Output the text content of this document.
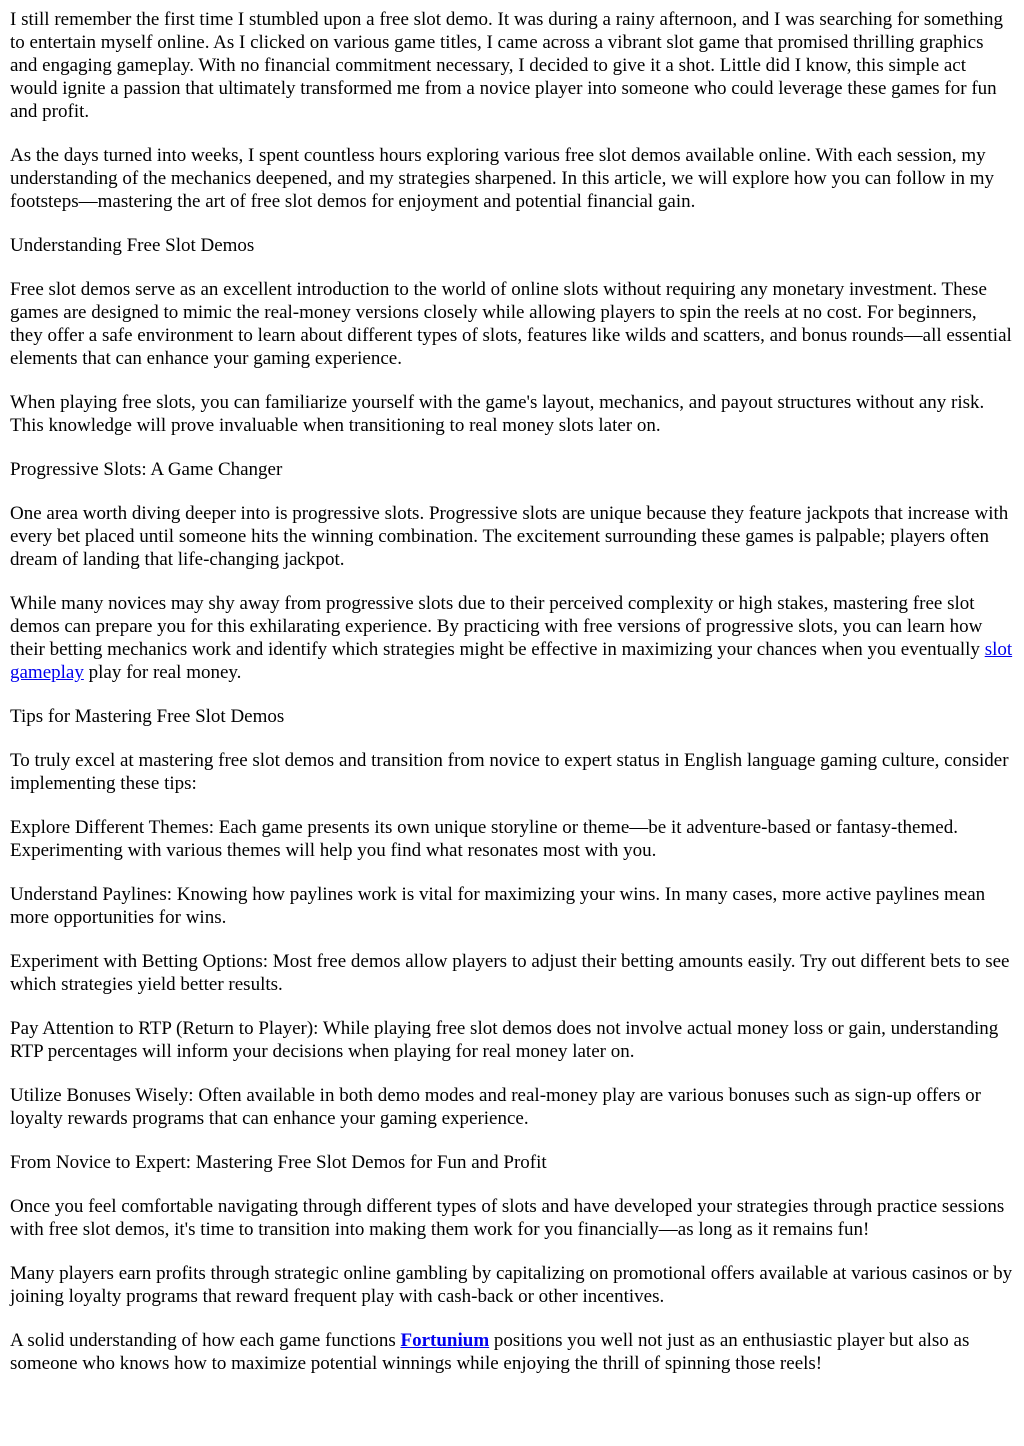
I still remember the first time I stumbled upon a free slot demo. It was during a rainy afternoon, and I was searching for something to entertain myself online. As I clicked on various game titles, I came across a vibrant slot game that promised thrilling graphics and engaging gameplay. With no financial commitment necessary, I decided to give it a shot. Little did I know, this simple act would ignite a passion that ultimately transformed me from a novice player into someone who could leverage these games for fun and profit.

As the days turned into weeks, I spent countless hours exploring various free slot demos available online. With each session, my understanding of the mechanics deepened, and my strategies sharpened. In this article, we will explore how you can follow in my footsteps—mastering the art of free slot demos for enjoyment and potential financial gain.

Understanding Free Slot Demos

Free slot demos serve as an excellent introduction to the world of online slots without requiring any monetary investment. These games are designed to mimic the real-money versions closely while allowing players to spin the reels at no cost. For beginners, they offer a safe environment to learn about different types of slots, features like wilds and scatters, and bonus rounds—all essential elements that can enhance your gaming experience.

When playing free slots, you can familiarize yourself with the game's layout, mechanics, and payout structures without any risk. This knowledge will prove invaluable when transitioning to real money slots later on.

Progressive Slots: A Game Changer

One area worth diving deeper into is progressive slots. Progressive slots are unique because they feature jackpots that increase with every bet placed until someone hits the winning combination. The excitement surrounding these games is palpable; players often dream of landing that life-changing jackpot.

While many novices may shy away from progressive slots due to their perceived complexity or high stakes, mastering free slot demos can prepare you for this exhilarating experience. By practicing with free versions of progressive slots, you can learn how their betting mechanics work and identify which strategies might be effective in maximizing your chances when you eventually slot gameplay play for real money.

Tips for Mastering Free Slot Demos

To truly excel at mastering free slot demos and transition from novice to expert status in English language gaming culture, consider implementing these tips:

Explore Different Themes: Each game presents its own unique storyline or theme—be it adventure-based or fantasy-themed. Experimenting with various themes will help you find what resonates most with you.

Understand Paylines: Knowing how paylines work is vital for maximizing your wins. In many cases, more active paylines mean more opportunities for wins.

Experiment with Betting Options: Most free demos allow players to adjust their betting amounts easily. Try out different bets to see which strategies yield better results.

Pay Attention to RTP (Return to Player): While playing free slot demos does not involve actual money loss or gain, understanding RTP percentages will inform your decisions when playing for real money later on.

Utilize Bonuses Wisely: Often available in both demo modes and real-money play are various bonuses such as sign-up offers or loyalty rewards programs that can enhance your gaming experience.

From Novice to Expert: Mastering Free Slot Demos for Fun and Profit

Once you feel comfortable navigating through different types of slots and have developed your strategies through practice sessions with free slot demos, it's time to transition into making them work for you financially—as long as it remains fun!

Many players earn profits through strategic online gambling by capitalizing on promotional offers available at various casinos or by joining loyalty programs that reward frequent play with cash-back or other incentives.

A solid understanding of how each game functions Fortunium positions you well not just as an enthusiastic player but also as someone who knows how to maximize potential winnings while enjoying the thrill of spinning those reels!
